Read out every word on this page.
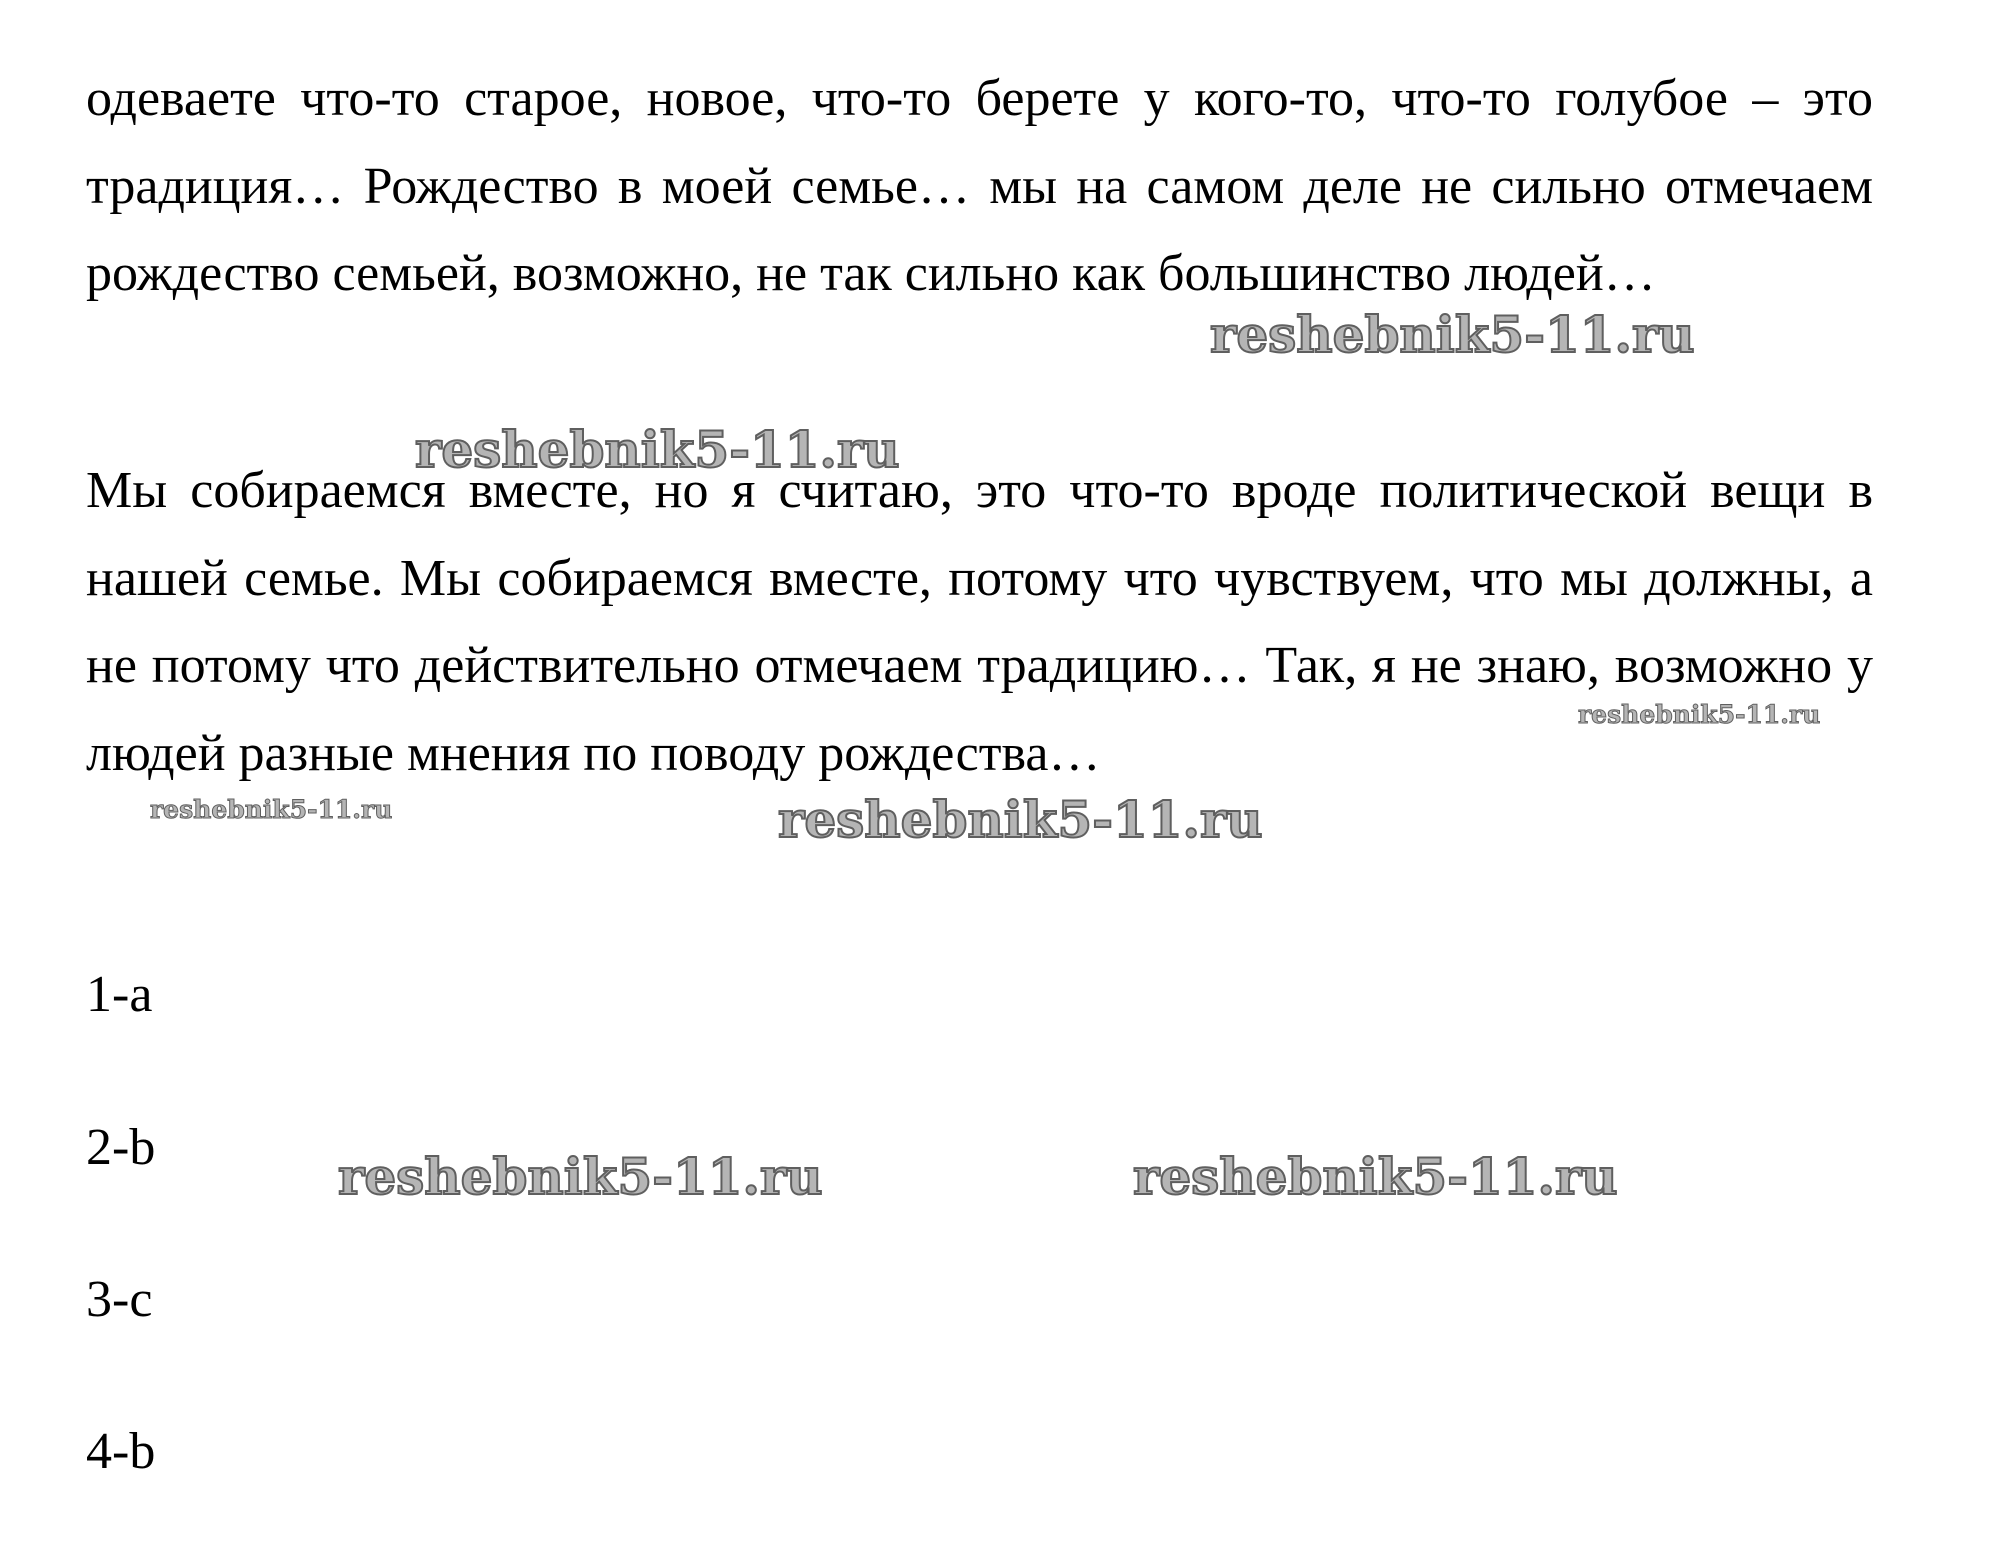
одеваете что-то старое, новое, что-то берете у кого-то, что-то голубое – это традиция… Рождество в моей семье… мы на самом деле не сильно отмечаем рождество семьей, возможно, не так сильно как большинство людей…

Мы собираемся вместе, но я считаю, это что-то вроде политической вещи в нашей семье. Мы собираемся вместе, потому что чувствуем, что мы должны, а не потому что действительно отмечаем традицию… Так, я не знаю, возможно у людей разные мнения по поводу рождества…

1-a

2-b

3-c

4-b

reshebnik5-11.ru
reshebnik5-11.ru
reshebnik5-11.ru
reshebnik5-11.ru	reshebnik5-11.ru
reshebnik5-11.ru	reshebnik5-11.ru
